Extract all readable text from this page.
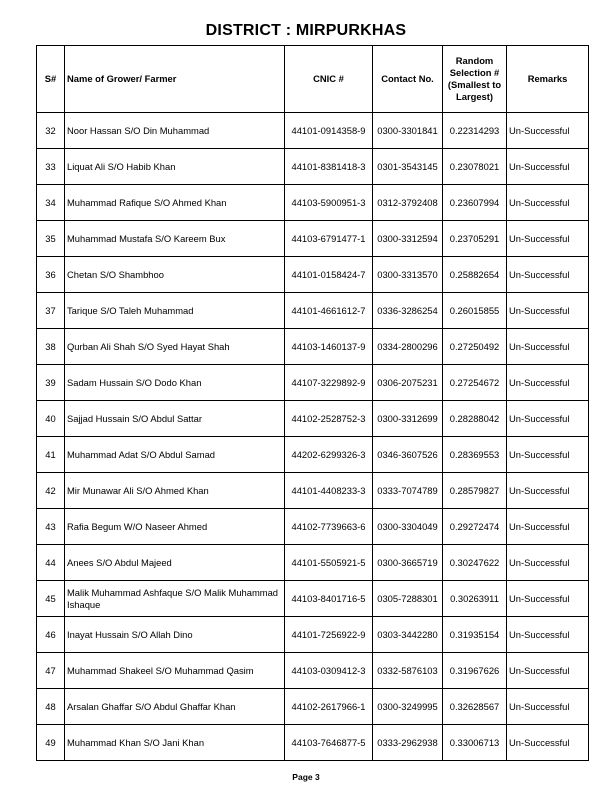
DISTRICT : MIRPURKHAS
S#	Name of Grower/ Farmer	CNIC #	Contact No.	Random Selection # (Smallest to Largest)	Remarks
32	Noor Hassan S/O Din Muhammad	44101-0914358-9	0300-3301841	0.22314293	Un-Successful
33	Liquat Ali S/O Habib Khan	44101-8381418-3	0301-3543145	0.23078021	Un-Successful
34	Muhammad Rafique S/O Ahmed Khan	44103-5900951-3	0312-3792408	0.23607994	Un-Successful
35	Muhammad Mustafa S/O Kareem Bux	44103-6791477-1	0300-3312594	0.23705291	Un-Successful
36	Chetan S/O Shambhoo	44101-0158424-7	0300-3313570	0.25882654	Un-Successful
37	Tarique S/O Taleh Muhammad	44101-4661612-7	0336-3286254	0.26015855	Un-Successful
38	Qurban Ali Shah S/O Syed Hayat Shah	44103-1460137-9	0334-2800296	0.27250492	Un-Successful
39	Sadam Hussain S/O Dodo Khan	44107-3229892-9	0306-2075231	0.27254672	Un-Successful
40	Sajjad Hussain S/O Abdul Sattar	44102-2528752-3	0300-3312699	0.28288042	Un-Successful
41	Muhammad Adat S/O Abdul Samad	44202-6299326-3	0346-3607526	0.28369553	Un-Successful
42	Mir Munawar Ali S/O Ahmed Khan	44101-4408233-3	0333-7074789	0.28579827	Un-Successful
43	Rafia Begum W/O Naseer Ahmed	44102-7739663-6	0300-3304049	0.29272474	Un-Successful
44	Anees S/O Abdul Majeed	44101-5505921-5	0300-3665719	0.30247622	Un-Successful
45	Malik Muhammad Ashfaque S/O Malik Muhammad Ishaque	44103-8401716-5	0305-7288301	0.30263911	Un-Successful
46	Inayat Hussain S/O Allah Dino	44101-7256922-9	0303-3442280	0.31935154	Un-Successful
47	Muhammad Shakeel S/O Muhammad Qasim	44103-0309412-3	0332-5876103	0.31967626	Un-Successful
48	Arsalan Ghaffar S/O Abdul Ghaffar Khan	44102-2617966-1	0300-3249995	0.32628567	Un-Successful
49	Muhammad Khan S/O Jani Khan	44103-7646877-5	0333-2962938	0.33006713	Un-Successful
Page 3
